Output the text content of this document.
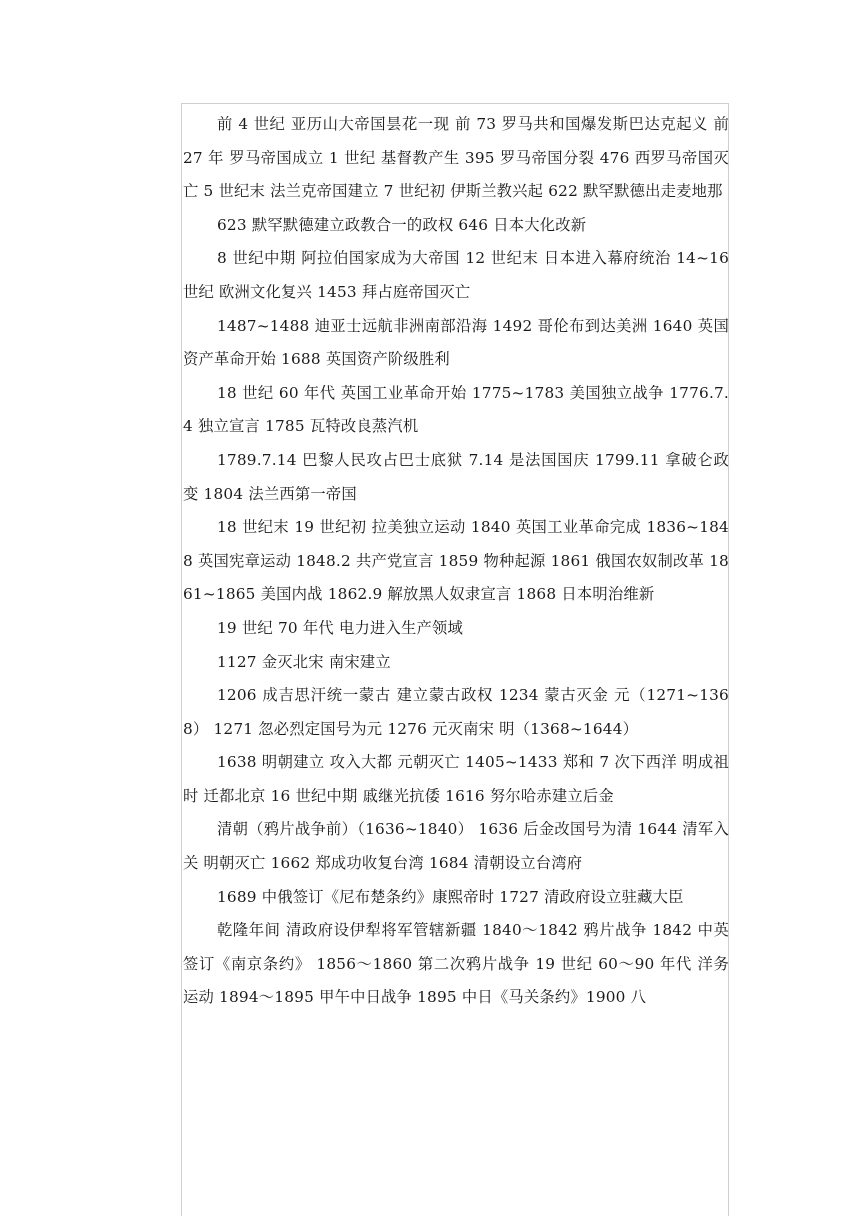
前 4 世纪 亚历山大帝国昙花一现 前 73 罗马共和国爆发斯巴达克起义 前 27 年 罗马帝国成立 1 世纪 基督教产生 395 罗马帝国分裂 476 西罗马帝国灭亡 5 世纪末 法兰克帝国建立 7 世纪初 伊斯兰教兴起 622 默罕默德出走麦地那

623 默罕默德建立政教合一的政权 646 日本大化改新

8 世纪中期 阿拉伯国家成为大帝国 12 世纪末 日本进入幕府统治 14~16 世纪 欧洲文化复兴 1453 拜占庭帝国灭亡

1487~1488 迪亚士远航非洲南部沿海 1492 哥伦布到达美洲 1640 英国资产革命开始 1688 英国资产阶级胜利

18 世纪 60 年代 英国工业革命开始 1775~1783 美国独立战争 1776.7.4 独立宣言 1785 瓦特改良蒸汽机

1789.7.14 巴黎人民攻占巴士底狱 7.14 是法国国庆 1799.11 拿破仑政变 1804 法兰西第一帝国

18 世纪末 19 世纪初 拉美独立运动 1840 英国工业革命完成 1836~1848 英国宪章运动 1848.2 共产党宣言 1859 物种起源 1861 俄国农奴制改革 1861~1865 美国内战 1862.9 解放黑人奴隶宣言 1868 日本明治维新

19 世纪 70 年代 电力进入生产领域

1127 金灭北宋 南宋建立

1206 成吉思汗统一蒙古 建立蒙古政权 1234 蒙古灭金 元（1271~1368） 1271 忽必烈定国号为元 1276 元灭南宋 明（1368~1644）

1638 明朝建立 攻入大都 元朝灭亡 1405~1433 郑和 7 次下西洋 明成祖时 迁都北京 16 世纪中期 戚继光抗倭 1616 努尔哈赤建立后金

清朝（鸦片战争前）（1636~1840） 1636 后金改国号为清 1644 清军入关 明朝灭亡 1662 郑成功收复台湾 1684 清朝设立台湾府

1689 中俄签订《尼布楚条约》康熙帝时 1727 清政府设立驻藏大臣

乾隆年间 清政府设伊犁将军管辖新疆 1840～1842 鸦片战争 1842 中英签订《南京条约》 1856～1860 第二次鸦片战争 19 世纪 60～90 年代 洋务运动 1894～1895 甲午中日战争 1895 中日《马关条约》1900 八
